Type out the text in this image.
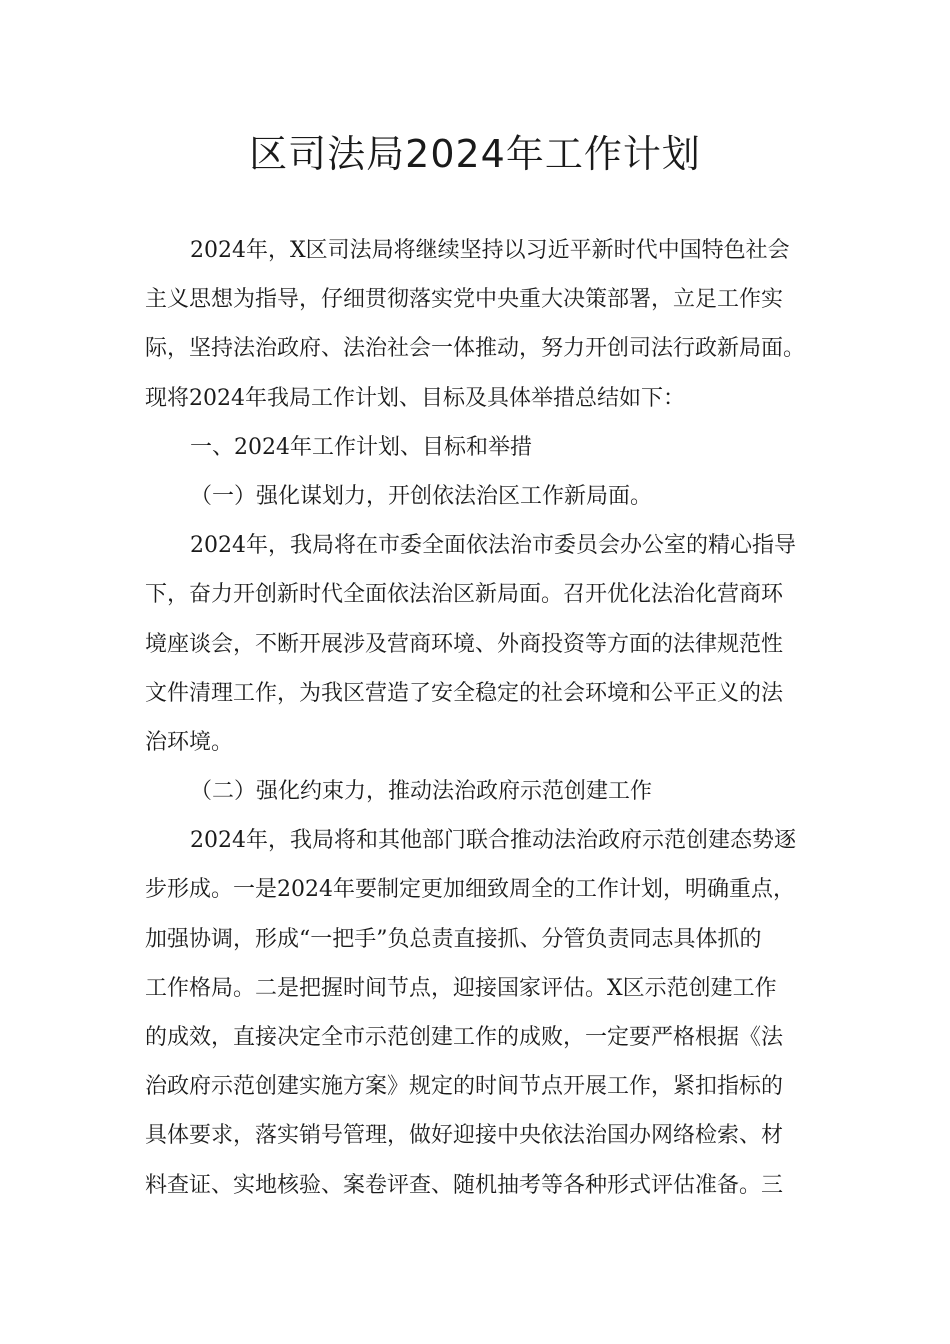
区司法局2024年工作计划
2024年，X区司法局将继续坚持以习近平新时代中国特色社会
主义思想为指导，仔细贯彻落实党中央重大决策部署，立足工作实
际，坚持法治政府、法治社会一体推动，努力开创司法行政新局面。
现将2024年我局工作计划、目标及具体举措总结如下：
一、2024年工作计划、目标和举措
（一）强化谋划力，开创依法治区工作新局面。
2024年，我局将在市委全面依法治市委员会办公室的精心指导
下，奋力开创新时代全面依法治区新局面。召开优化法治化营商环
境座谈会，不断开展涉及营商环境、外商投资等方面的法律规范性
文件清理工作，为我区营造了安全稳定的社会环境和公平正义的法
治环境。
（二）强化约束力，推动法治政府示范创建工作
2024年，我局将和其他部门联合推动法治政府示范创建态势逐
步形成。一是2024年要制定更加细致周全的工作计划，明确重点，
加强协调，形成“一把手”负总责直接抓、分管负责同志具体抓的
工作格局。二是把握时间节点，迎接国家评估。X区示范创建工作
的成效，直接决定全市示范创建工作的成败，一定要严格根据《法
治政府示范创建实施方案》规定的时间节点开展工作，紧扣指标的
具体要求，落实销号管理，做好迎接中央依法治国办网络检索、材
料查证、实地核验、案卷评查、随机抽考等各种形式评估准备。三
